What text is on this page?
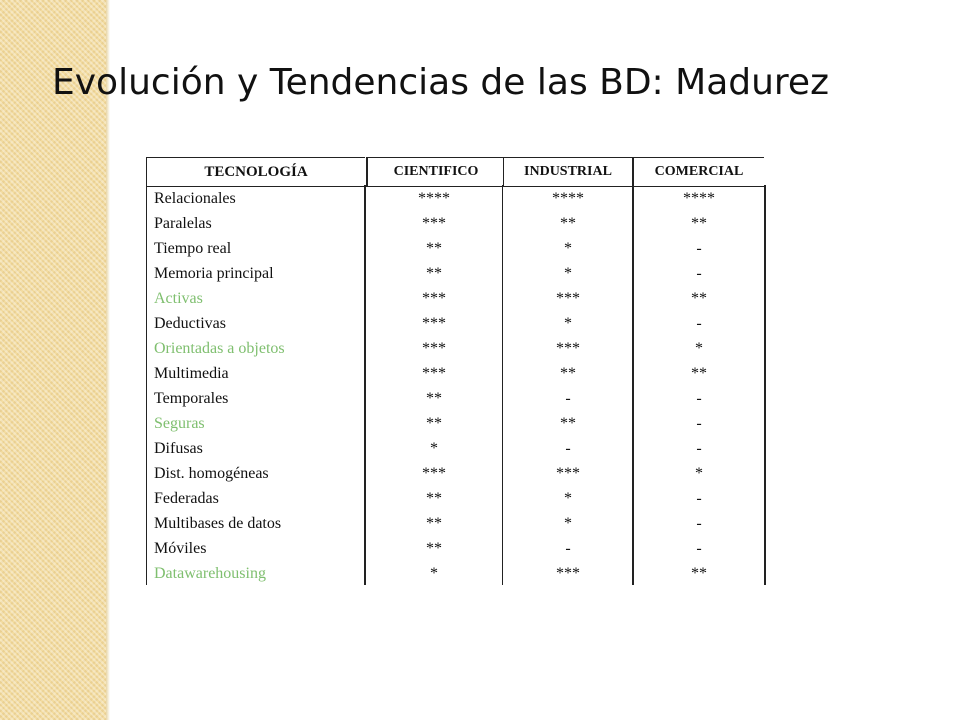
Evolución y Tendencias de las BD: Madurez
TECNOLOGÍA	CIENTIFICO	INDUSTRIAL	COMERCIAL
Relacionales	****	****	****
Paralelas	***	**	**
Tiempo real	**	*	-
Memoria principal	**	*	-
Activas	***	***	**
Deductivas	***	*	-
Orientadas a objetos	***	***	*
Multimedia	***	**	**
Temporales	**	-	-
Seguras	**	**	-
Difusas	*	-	-
Dist. homogéneas	***	***	*
Federadas	**	*	-
Multibases de datos	**	*	-
Móviles	**	-	-
Datawarehousing	*	***	**
